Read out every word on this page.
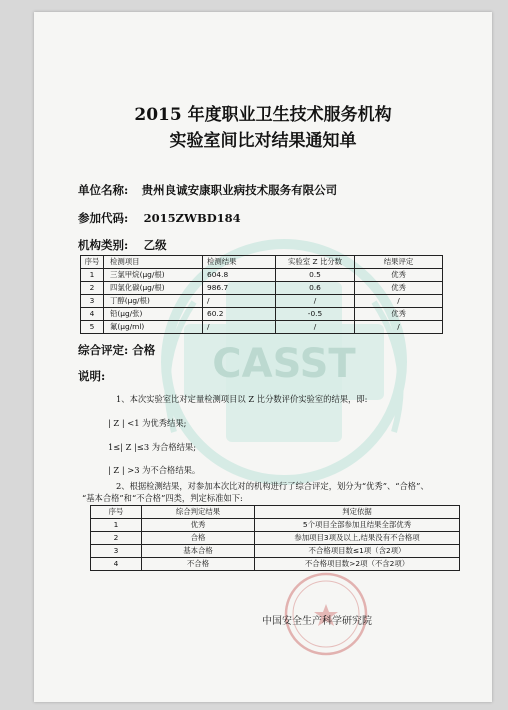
CASST
2015 年度职业卫生技术服务机构
实验室间比对结果通知单
单位名称: 贵州良诚安康职业病技术服务有限公司
参加代码: 2015ZWBD184
机构类别: 乙级
序号	检测项目	检测结果	实验室 Z 比分数	结果评定
1	三氯甲烷(μg/根)	604.8	0.5	优秀
2	四氯化碳(μg/根)	986.7	0.6	优秀
3	丁醇(μg/根)	/	/	/
4	铅(μg/张)	60.2	-0.5	优秀
5	氟(μg/ml)	/	/	/
综合评定: 合格
说明:
1、本次实验室比对定量检测项目以 Z 比分数评价实验室的结果，即:
| Z | <1 为优秀结果;
1≤| Z |≤3 为合格结果;
| Z | >3 为不合格结果。
2、根据检测结果，对参加本次比对的机构进行了综合评定，划分为“优秀”、“合格”、
“基本合格”和“不合格”四类，判定标准如下:
序号	综合判定结果	判定依据
1	优秀	5个项目全部参加且结果全部优秀
2	合格	参加项目3项及以上,结果没有不合格项
3	基本合格	不合格项目数≤1项（含2项）
4	不合格	不合格项目数>2项（不含2项）
中国安全生产科学研究院
